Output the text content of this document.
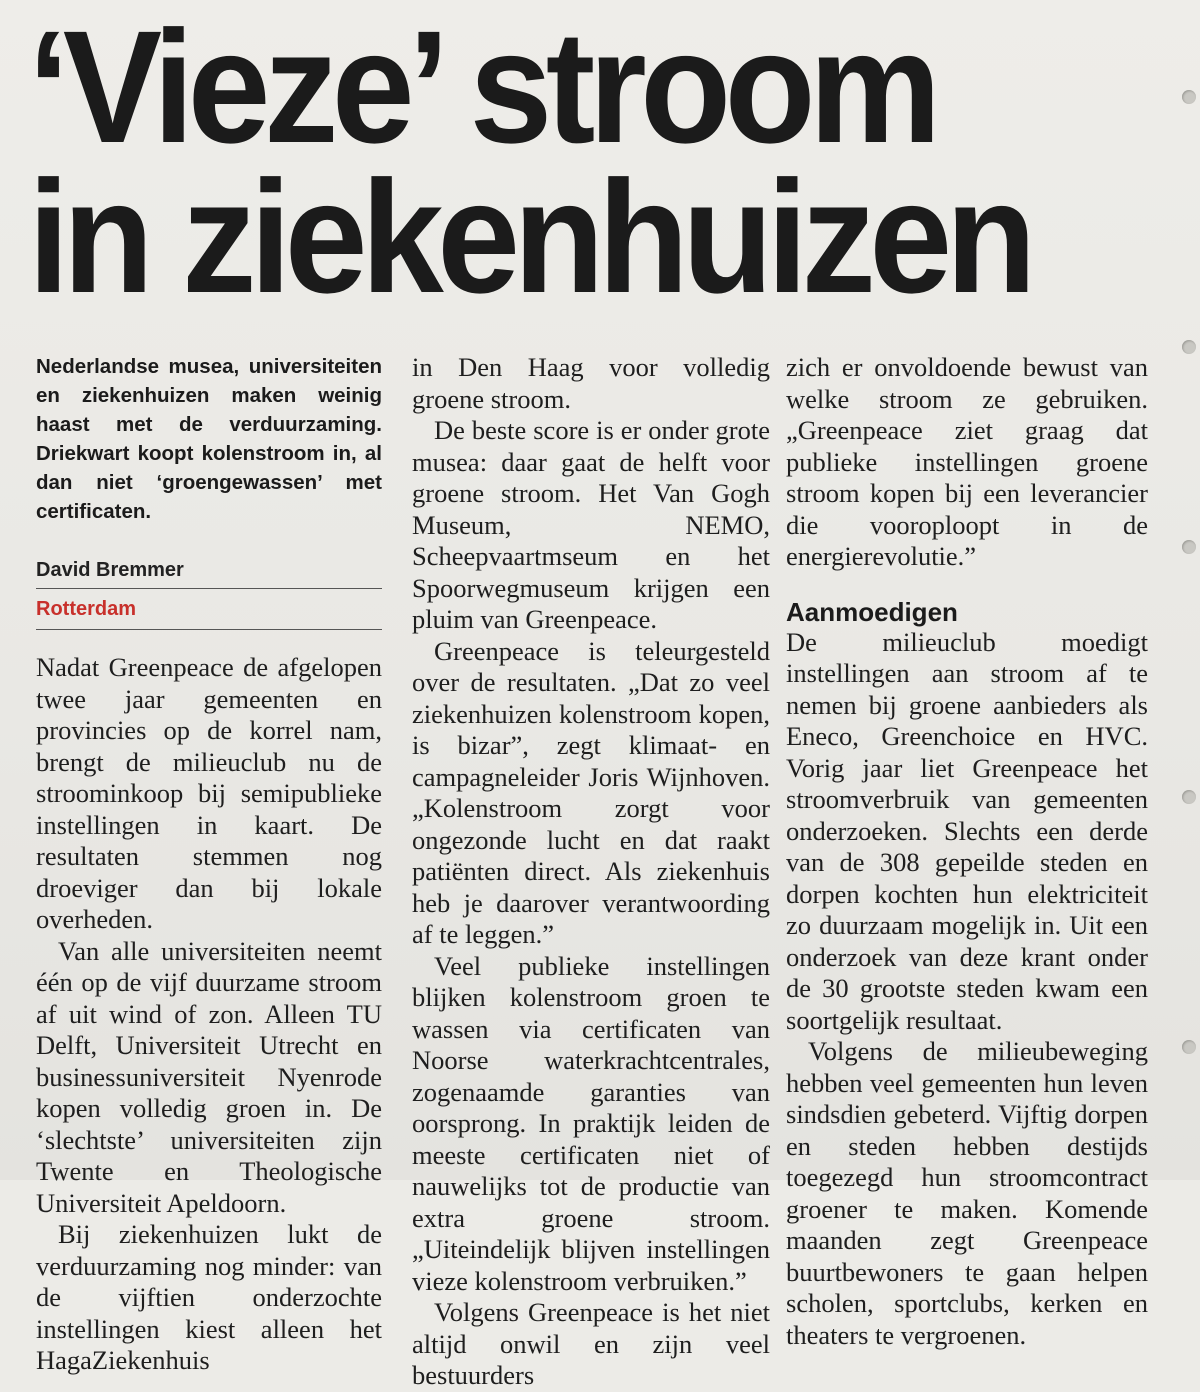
‘Vieze’ stroom
in ziekenhuizen

Nederlandse musea, universiteiten en ziekenhuizen maken weinig haast met de verduurzaming. Driekwart koopt kolenstroom in, al dan niet ‘groengewassen’ met certificaten.

David Bremmer
Rotterdam

Nadat Greenpeace de afgelopen twee jaar gemeenten en provincies op de korrel nam, brengt de milieuclub nu de stroominkoop bij semipublieke instellingen in kaart. De resultaten stemmen nog droeviger dan bij lokale overheden.

Van alle universiteiten neemt één op de vijf duurzame stroom af uit wind of zon. Alleen TU Delft, Universiteit Utrecht en businessuniversiteit Nyenrode kopen volledig groen in. De ‘slechtste’ universiteiten zijn Twente en Theologische Universiteit Apeldoorn.

Bij ziekenhuizen lukt de verduurzaming nog minder: van de vijftien onderzochte instellingen kiest alleen het HagaZiekenhuis

in Den Haag voor volledig groene stroom.

De beste score is er onder grote musea: daar gaat de helft voor groene stroom. Het Van Gogh Museum, NEMO, Scheepvaartmseum en het Spoorwegmuseum krijgen een pluim van Greenpeace.

Greenpeace is teleurgesteld over de resultaten. „Dat zo veel ziekenhuizen kolenstroom kopen, is bizar”, zegt klimaat- en campagneleider Joris Wijnhoven. „Kolenstroom zorgt voor ongezonde lucht en dat raakt patiënten direct. Als ziekenhuis heb je daarover verantwoording af te leggen.”

Veel publieke instellingen blijken kolenstroom groen te wassen via certificaten van Noorse waterkrachtcentrales, zogenaamde garanties van oorsprong. In praktijk leiden de meeste certificaten niet of nauwelijks tot de productie van extra groene stroom. „Uiteindelijk blijven instellingen vieze kolenstroom verbruiken.”

Volgens Greenpeace is het niet altijd onwil en zijn veel bestuurders

zich er onvoldoende bewust van welke stroom ze gebruiken. „Greenpeace ziet graag dat publieke instellingen groene stroom kopen bij een leverancier die vooroploopt in de energierevolutie.”

Aanmoedigen

De milieuclub moedigt instellingen aan stroom af te nemen bij groene aanbieders als Eneco, Greenchoice en HVC. Vorig jaar liet Greenpeace het stroomverbruik van gemeenten onderzoeken. Slechts een derde van de 308 gepeilde steden en dorpen kochten hun elektriciteit zo duurzaam mogelijk in. Uit een onderzoek van deze krant onder de 30 grootste steden kwam een soortgelijk resultaat.

Volgens de milieubeweging hebben veel gemeenten hun leven sindsdien gebeterd. Vijftig dorpen en steden hebben destijds toegezegd hun stroomcontract groener te maken. Komende maanden zegt Greenpeace buurtbewoners te gaan helpen scholen, sportclubs, kerken en theaters te vergroenen.
